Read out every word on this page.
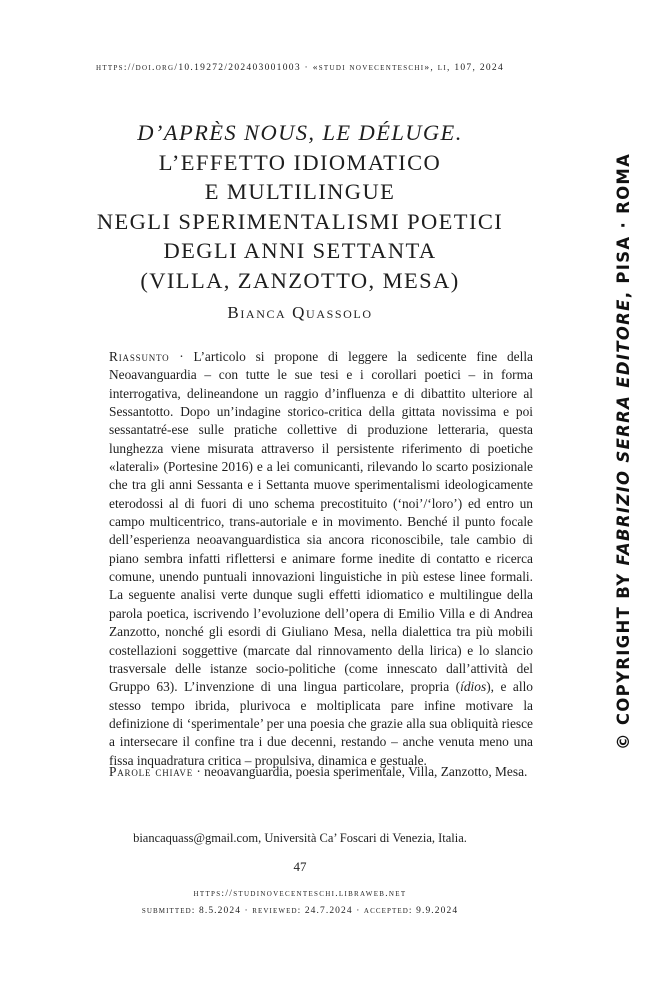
https://doi.org/10.19272/202403001003 · «studi novecenteschi», li, 107, 2024
D’APRÈS NOUS, LE DÉLUGE.
L’EFFETTO IDIOMATICO
E MULTILINGUE
NEGLI SPERIMENTALISMI POETICI
DEGLI ANNI SETTANTA
(VILLA, ZANZOTTO, MESA)
Bianca Quassolo

Riassunto · L’articolo si propone di leggere la sedicente fine della Neoavanguardia – con tutte le sue tesi e i corollari poetici – in forma interrogativa, delineandone un raggio d’influenza e di dibattito ulteriore al Sessantotto. Dopo un’indagine storico-critica della gittata novissima e poi sessantatré-ese sulle pratiche collettive di produzione letteraria, questa lunghezza viene misurata attraverso il persistente riferimento di poetiche «laterali» (Portesine 2016) e a lei comunicanti, rilevando lo scarto posizionale che tra gli anni Sessanta e i Settanta muove sperimentalismi ideologicamente eterodossi al di fuori di uno schema precostituito (‘noi’/‘loro’) ed entro un campo multicentrico, trans-autoriale e in movimento. Benché il punto focale dell’esperienza neoavanguardistica sia ancora riconoscibile, tale cambio di piano sembra infatti riflettersi e animare forme inedite di contatto e ricerca comune, unendo puntuali innovazioni linguistiche in più estese linee formali. La seguente analisi verte dunque sugli effetti idiomatico e multilingue della parola poetica, iscrivendo l’evoluzione dell’opera di Emilio Villa e di Andrea Zanzotto, nonché gli esordi di Giuliano Mesa, nella dialettica tra più mobili costellazioni soggettive (marcate dal rinnovamento della lirica) e lo slancio trasversale delle istanze socio-politiche (come innescato dall’attività del Gruppo 63). L’invenzione di una lingua particolare, propria (ídios), e allo stesso tempo ibrida, plurivoca e moltiplicata pare infine motivare la definizione di ‘sperimentale’ per una poesia che grazie alla sua obliquità riesce a intersecare il confine tra i due decenni, restando – anche venuta meno una fissa inquadratura critica – propulsiva, dinamica e gestuale.

Parole chiave · neoavanguardia, poesia sperimentale, Villa, Zanzotto, Mesa.

biancaquass@gmail.com, Università Ca’ Foscari di Venezia, Italia.
47
https://studinovecenteschi.libraweb.net
submitted: 8.5.2024 · reviewed: 24.7.2024 · accepted: 9.9.2024
© COPYRIGHT BY FABRIZIO SERRA EDITORE, PISA · ROMA
